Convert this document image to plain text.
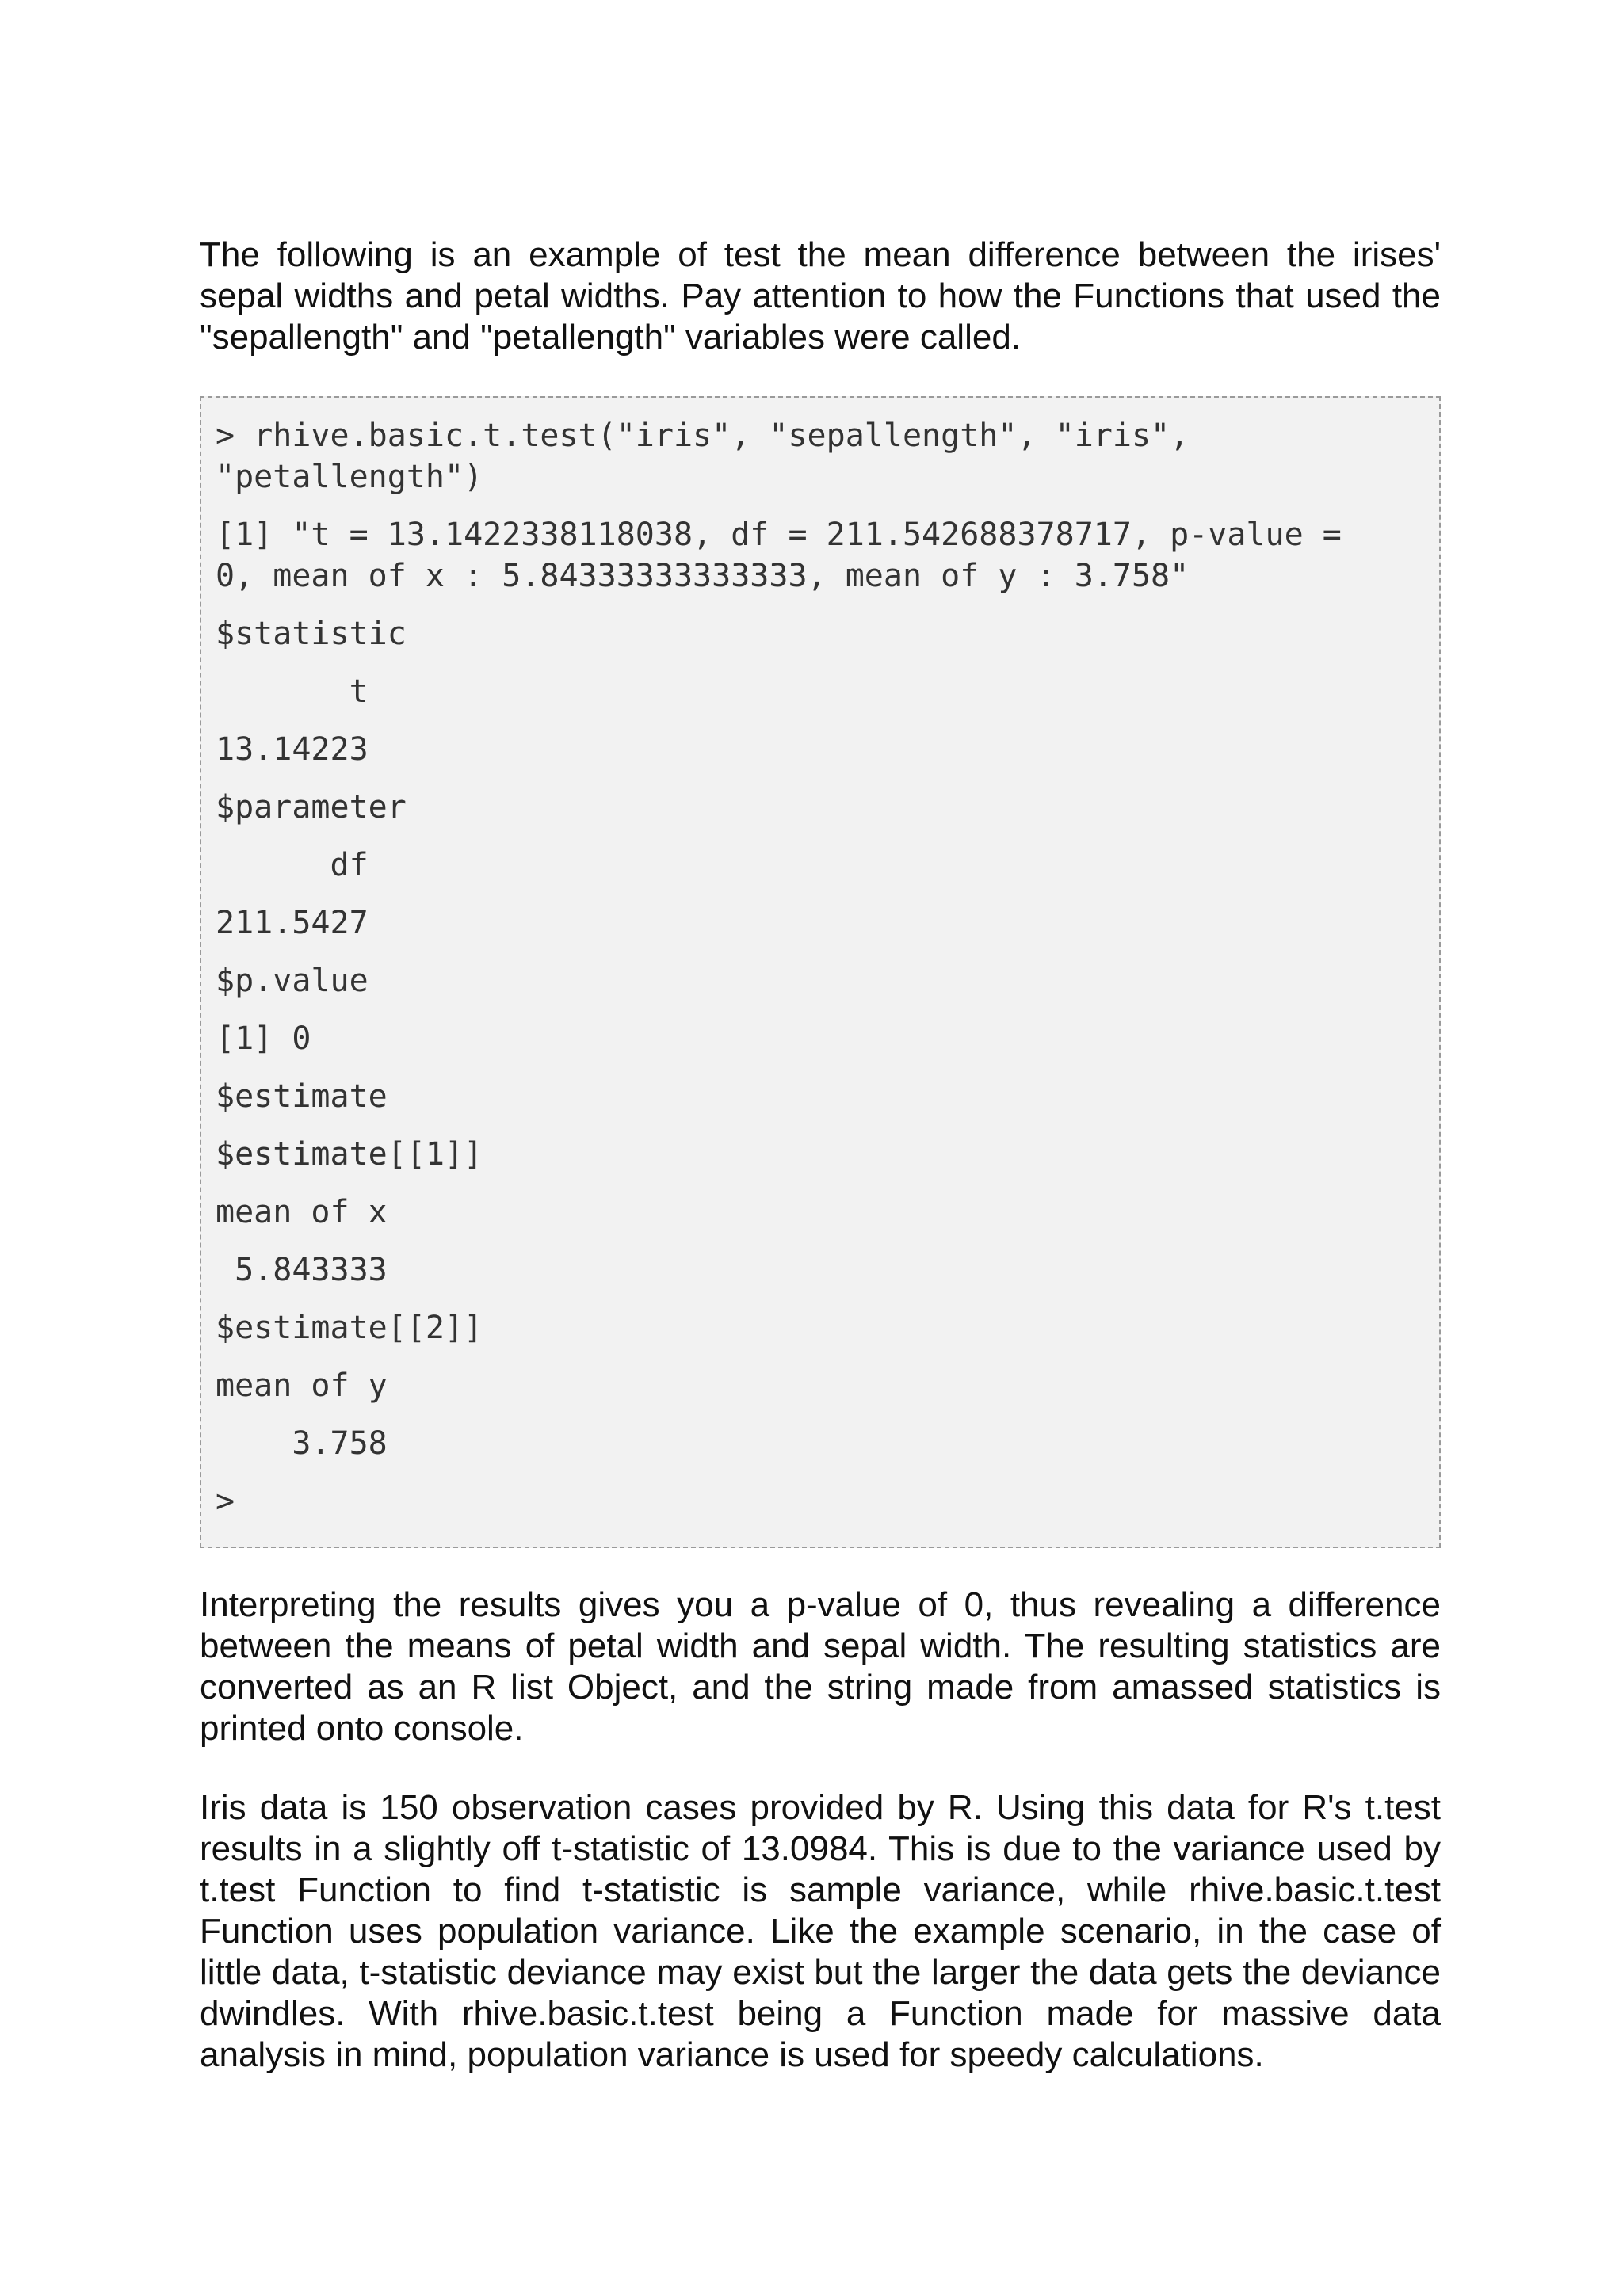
The following is an example of test the mean difference between the irises' sepal widths and petal widths. Pay attention to how the Functions that used the "sepallength" and "petallength" variables were called.

> rhive.basic.t.test("iris", "sepallength", "iris",
"petallength")
[1] "t = 13.1422338118038, df = 211.542688378717, p-value =
0, mean of x : 5.84333333333333, mean of y : 3.758"
$statistic
t
13.14223
$parameter
df
211.5427
$p.value
[1] 0
$estimate
$estimate[[1]]
mean of x
5.843333
$estimate[[2]]
mean of y
3.758
>

Interpreting the results gives you a p-value of 0, thus revealing a difference between the means of petal width and sepal width. The resulting statistics are converted as an R list Object, and the string made from amassed statistics is printed onto console.

Iris data is 150 observation cases provided by R. Using this data for R's t.test results in a slightly off t-statistic of 13.0984. This is due to the variance used by t.test Function to find t-statistic is sample variance, while rhive.basic.t.test Function uses population variance. Like the example scenario, in the case of little data, t-statistic deviance may exist but the larger the data gets the deviance dwindles. With rhive.basic.t.test being a Function made for massive data analysis in mind, population variance is used for speedy calculations.
